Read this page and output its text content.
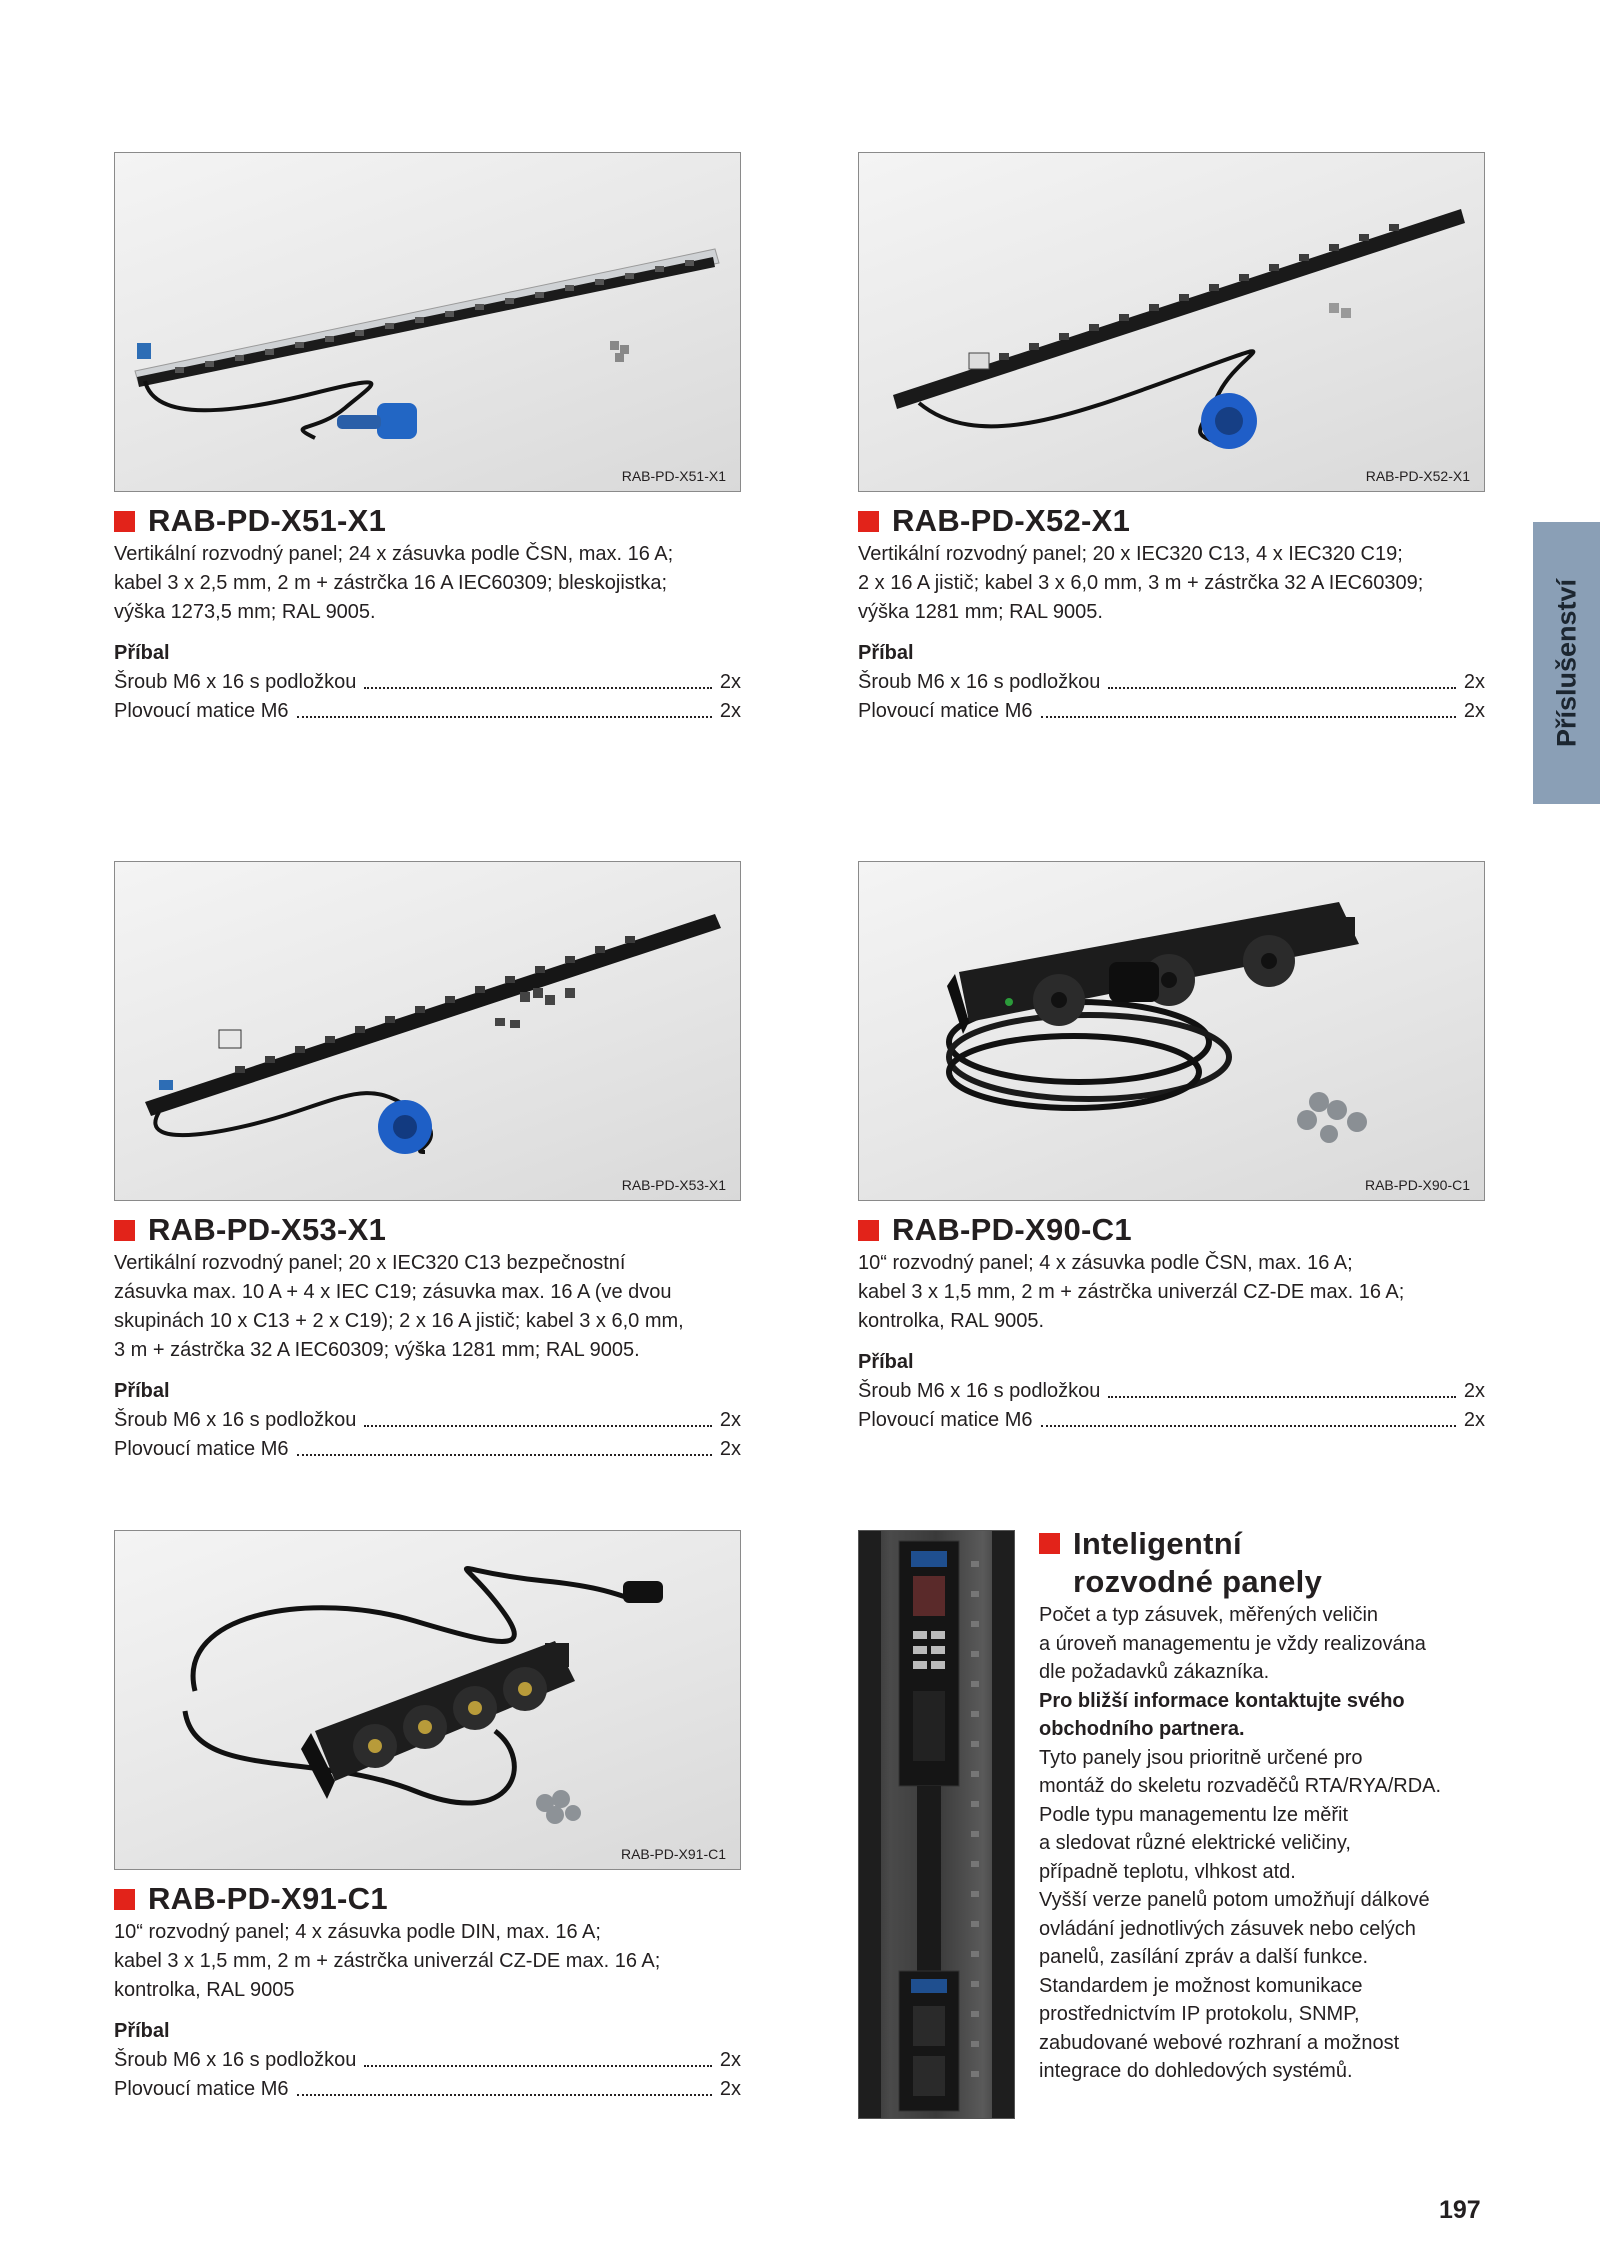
Příslušenství
RAB-PD-X51-X1
RAB-PD-X51-X1
Vertikální rozvodný panel; 24 x zásuvka podle ČSN, max. 16 A;
kabel 3 x 2,5 mm, 2 m + zástrčka 16 A IEC60309; bleskojistka;
výška 1273,5 mm; RAL 9005.
Příbal
Šroub M6 x 16 s podložkou	2x
Plovoucí matice M6	2x
RAB-PD-X52-X1
RAB-PD-X52-X1
Vertikální rozvodný panel; 20 x IEC320 C13, 4 x IEC320 C19;
2 x 16 A jistič; kabel 3 x 6,0 mm, 3 m + zástrčka 32 A IEC60309;
výška 1281 mm; RAL 9005.
Příbal
Šroub M6 x 16 s podložkou	2x
Plovoucí matice M6	2x
RAB-PD-X53-X1
RAB-PD-X53-X1
Vertikální rozvodný panel; 20 x IEC320 C13 bezpečnostní
zásuvka max. 10 A + 4 x IEC C19; zásuvka max. 16 A (ve dvou
skupinách 10 x C13 + 2 x C19); 2 x 16 A jistič; kabel 3 x 6,0 mm,
3 m + zástrčka 32 A IEC60309; výška 1281 mm; RAL 9005.
Příbal
Šroub M6 x 16 s podložkou	2x
Plovoucí matice M6	2x
RAB-PD-X90-C1
RAB-PD-X90-C1
10“ rozvodný panel; 4 x zásuvka podle ČSN, max. 16 A;
kabel 3 x 1,5 mm, 2 m + zástrčka univerzál CZ-DE max. 16 A;
kontrolka, RAL 9005.
Příbal
Šroub M6 x 16 s podložkou	2x
Plovoucí matice M6	2x
RAB-PD-X91-C1
RAB-PD-X91-C1
10“ rozvodný panel; 4 x zásuvka podle DIN, max. 16 A;
kabel 3 x 1,5 mm, 2 m + zástrčka univerzál CZ-DE max. 16 A;
kontrolka, RAL 9005
Příbal
Šroub M6 x 16 s podložkou	2x
Plovoucí matice M6	2x
Inteligentní
rozvodné panely

Počet a typ zásuvek, měřených veličin

a úroveň managementu je vždy realizována

dle požadavků zákazníka.

Pro bližší informace kontaktujte svého

obchodního partnera.

Tyto panely jsou prioritně určené pro

montáž do skeletu rozvaděčů RTA/RYA/RDA.

Podle typu managementu lze měřit

a sledovat různé elektrické veličiny,

případně teplotu, vlhkost atd.

Vyšší verze panelů potom umožňují dálkové

ovládání jednotlivých zásuvek nebo celých

panelů, zasílání zpráv a další funkce.

Standardem je možnost komunikace

prostřednictvím IP protokolu, SNMP,

zabudované webové rozhraní a možnost

integrace do dohledových systémů.

197
